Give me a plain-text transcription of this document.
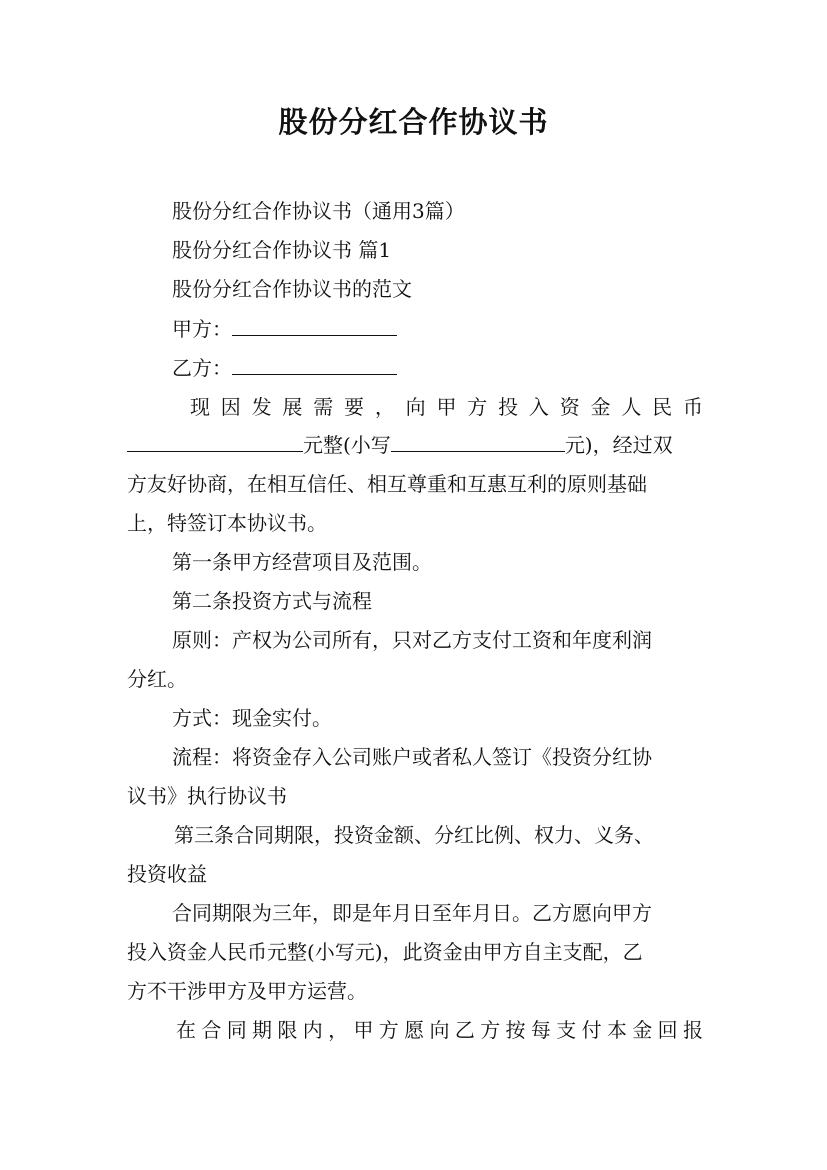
股份分红合作协议书
股份分红合作协议书（通用3篇）
股份分红合作协议书 篇1
股份分红合作协议书的范文
甲方：
乙方：
现因发展需要，向甲方投入资金人民币
元整(小写	元)，经过双
方友好协商，在相互信任、相互尊重和互惠互利的原则基础
上，特签订本协议书。
第一条甲方经营项目及范围。
第二条投资方式与流程
原则：产权为公司所有，只对乙方支付工资和年度利润
分红。
方式：现金实付。
流程：将资金存入公司账户或者私人签订《投资分红协
议书》执行协议书
第三条合同期限，投资金额、分红比例、权力、义务、
投资收益
合同期限为三年，即是年月日至年月日。乙方愿向甲方
投入资金人民币元整(小写元)，此资金由甲方自主支配，乙
方不干涉甲方及甲方运营。
在合同期限内，甲方愿向乙方按每支付本金回报
